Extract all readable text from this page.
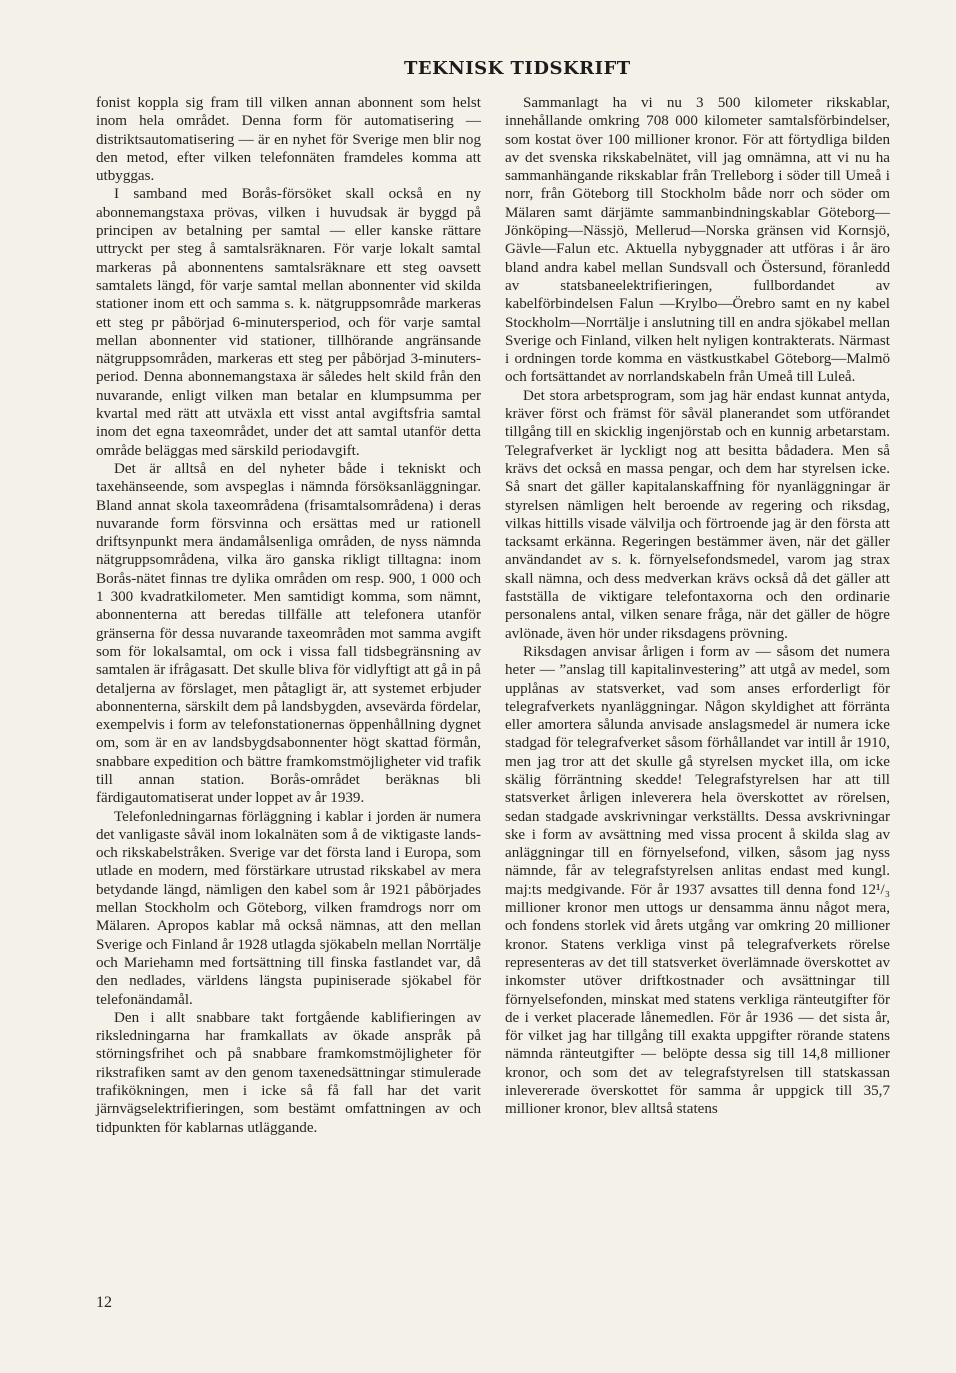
TEKNISK TIDSKRIFT

fonist koppla sig fram till vilken annan abonnent som helst inom hela området. Denna form för automatisering — distriktsautomatisering — är en nyhet för Sverige men blir nog den metod, efter vilken telefonnäten framdeles komma att utbyggas.

I samband med Borås-försöket skall också en ny abonnemangstaxa prövas, vilken i huvudsak är byggd på principen av betalning per samtal — eller kanske rättare uttryckt per steg å samtalsräknaren. För varje lokalt samtal markeras på abonnentens samtalsräknare ett steg oavsett samtalets längd, för varje samtal mellan abonnenter vid skilda stationer inom ett och samma s. k. nätgruppsområde markeras ett steg pr påbörjad 6-minutersperiod, och för varje samtal mellan abonnenter vid stationer, tillhörande angränsande nätgruppsområden, markeras ett steg per påbörjad 3-minuters-period. Denna abonnemangstaxa är således helt skild från den nuvarande, enligt vilken man betalar en klumpsumma per kvartal med rätt att utväxla ett visst antal avgiftsfria samtal inom det egna taxeområdet, under det att samtal utanför detta område beläggas med särskild periodavgift.

Det är alltså en del nyheter både i tekniskt och taxehänseende, som avspeglas i nämnda försöksanläggningar. Bland annat skola taxeområdena (frisamtalsområdena) i deras nuvarande form försvinna och ersättas med ur rationell driftsynpunkt mera ändamålsenliga områden, de nyss nämnda nätgruppsområdena, vilka äro ganska rikligt tilltagna: inom Borås-nätet finnas tre dylika områden om resp. 900, 1 000 och 1 300 kvadratkilometer. Men samtidigt komma, som nämnt, abonnenterna att beredas tillfälle att telefonera utanför gränserna för dessa nuvarande taxeområden mot samma avgift som för lokalsamtal, om ock i vissa fall tidsbegränsning av samtalen är ifrågasatt. Det skulle bliva för vidlyftigt att gå in på detaljerna av förslaget, men påtagligt är, att systemet erbjuder abonnenterna, särskilt dem på landsbygden, avsevärda fördelar, exempelvis i form av telefonstationernas öppenhållning dygnet om, som är en av landsbygdsabonnenter högt skattad förmån, snabbare expedition och bättre framkomstmöjligheter vid trafik till annan station. Borås-området beräknas bli färdigautomatiserat under loppet av år 1939.

Telefonledningarnas förläggning i kablar i jorden är numera det vanligaste såväl inom lokalnäten som å de viktigaste lands- och rikskabelstråken. Sverige var det första land i Europa, som utlade en modern, med förstärkare utrustad rikskabel av mera betydande längd, nämligen den kabel som år 1921 påbörjades mellan Stockholm och Göteborg, vilken framdrogs norr om Mälaren. Apropos kablar må också nämnas, att den mellan Sverige och Finland år 1928 utlagda sjökabeln mellan Norrtälje och Mariehamn med fortsättning till finska fastlandet var, då den nedlades, världens längsta pupiniserade sjökabel för telefonändamål.

Den i allt snabbare takt fortgående kablifieringen av riksledningarna har framkallats av ökade anspråk på störningsfrihet och på snabbare framkomstmöjligheter för rikstrafiken samt av den genom taxenedsättningar stimulerade trafikökningen, men i icke så få fall har det varit järnvägselektrifieringen, som bestämt omfattningen av och tidpunkten för kablarnas utläggande.

Sammanlagt ha vi nu 3 500 kilometer rikskablar, innehållande omkring 708 000 kilometer samtalsförbindelser, som kostat över 100 millioner kronor. För att förtydliga bilden av det svenska rikskabelnätet, vill jag omnämna, att vi nu ha sammanhängande rikskablar från Trelleborg i söder till Umeå i norr, från Göteborg till Stockholm både norr och söder om Mälaren samt därjämte sammanbindningskablar Göteborg—Jönköping—Nässjö, Mellerud—Norska gränsen vid Kornsjö, Gävle—Falun etc. Aktuella nybyggnader att utföras i år äro bland andra kabel mellan Sundsvall och Östersund, föranledd av statsbaneelektrifieringen, fullbordandet av kabelförbindelsen Falun —Krylbo—Örebro samt en ny kabel Stockholm—Norrtälje i anslutning till en andra sjökabel mellan Sverige och Finland, vilken helt nyligen kontrakterats. Närmast i ordningen torde komma en västkustkabel Göteborg—Malmö och fortsättandet av norrlandskabeln från Umeå till Luleå.

Det stora arbetsprogram, som jag här endast kunnat antyda, kräver först och främst för såväl planerandet som utförandet tillgång till en skicklig ingenjörstab och en kunnig arbetarstam. Telegrafverket är lyckligt nog att besitta bådadera. Men så krävs det också en massa pengar, och dem har styrelsen icke. Så snart det gäller kapitalanskaffning för nyanläggningar är styrelsen nämligen helt beroende av regering och riksdag, vilkas hittills visade välvilja och förtroende jag är den första att tacksamt erkänna. Regeringen bestämmer även, när det gäller användandet av s. k. förnyelsefondsmedel, varom jag strax skall nämna, och dess medverkan krävs också då det gäller att fastställa de viktigare telefontaxorna och den ordinarie personalens antal, vilken senare fråga, när det gäller de högre avlönade, även hör under riksdagens prövning.

Riksdagen anvisar årligen i form av — såsom det numera heter — ”anslag till kapitalinvestering” att utgå av medel, som upplånas av statsverket, vad som anses erforderligt för telegrafverkets nyanläggningar. Någon skyldighet att förränta eller amortera sålunda anvisade anslagsmedel är numera icke stadgad för telegrafverket såsom förhållandet var intill år 1910, men jag tror att det skulle gå styrelsen mycket illa, om icke skälig förräntning skedde! Telegrafstyrelsen har att till statsverket årligen inleverera hela överskottet av rörelsen, sedan stadgade avskrivningar verkställts. Dessa avskrivningar ske i form av avsättning med vissa procent å skilda slag av anläggningar till en förnyelsefond, vilken, såsom jag nyss nämnde, får av telegrafstyrelsen anlitas endast med kungl. maj:ts medgivande. För år 1937 avsattes till denna fond 12¹/₃ millioner kronor men uttogs ur densamma ännu något mera, och fondens storlek vid årets utgång var omkring 20 millioner kronor. Statens verkliga vinst på telegrafverkets rörelse representeras av det till statsverket överlämnade överskottet av inkomster utöver driftkostnader och avsättningar till förnyelsefonden, minskat med statens verkliga ränteutgifter för de i verket placerade lånemedlen. För år 1936 — det sista år, för vilket jag har tillgång till exakta uppgifter rörande statens nämnda ränteutgifter — belöpte dessa sig till 14,8 millioner kronor, och som det av telegrafstyrelsen till statskassan inlevererade överskottet för samma år uppgick till 35,7 millioner kronor, blev alltså statens

12
